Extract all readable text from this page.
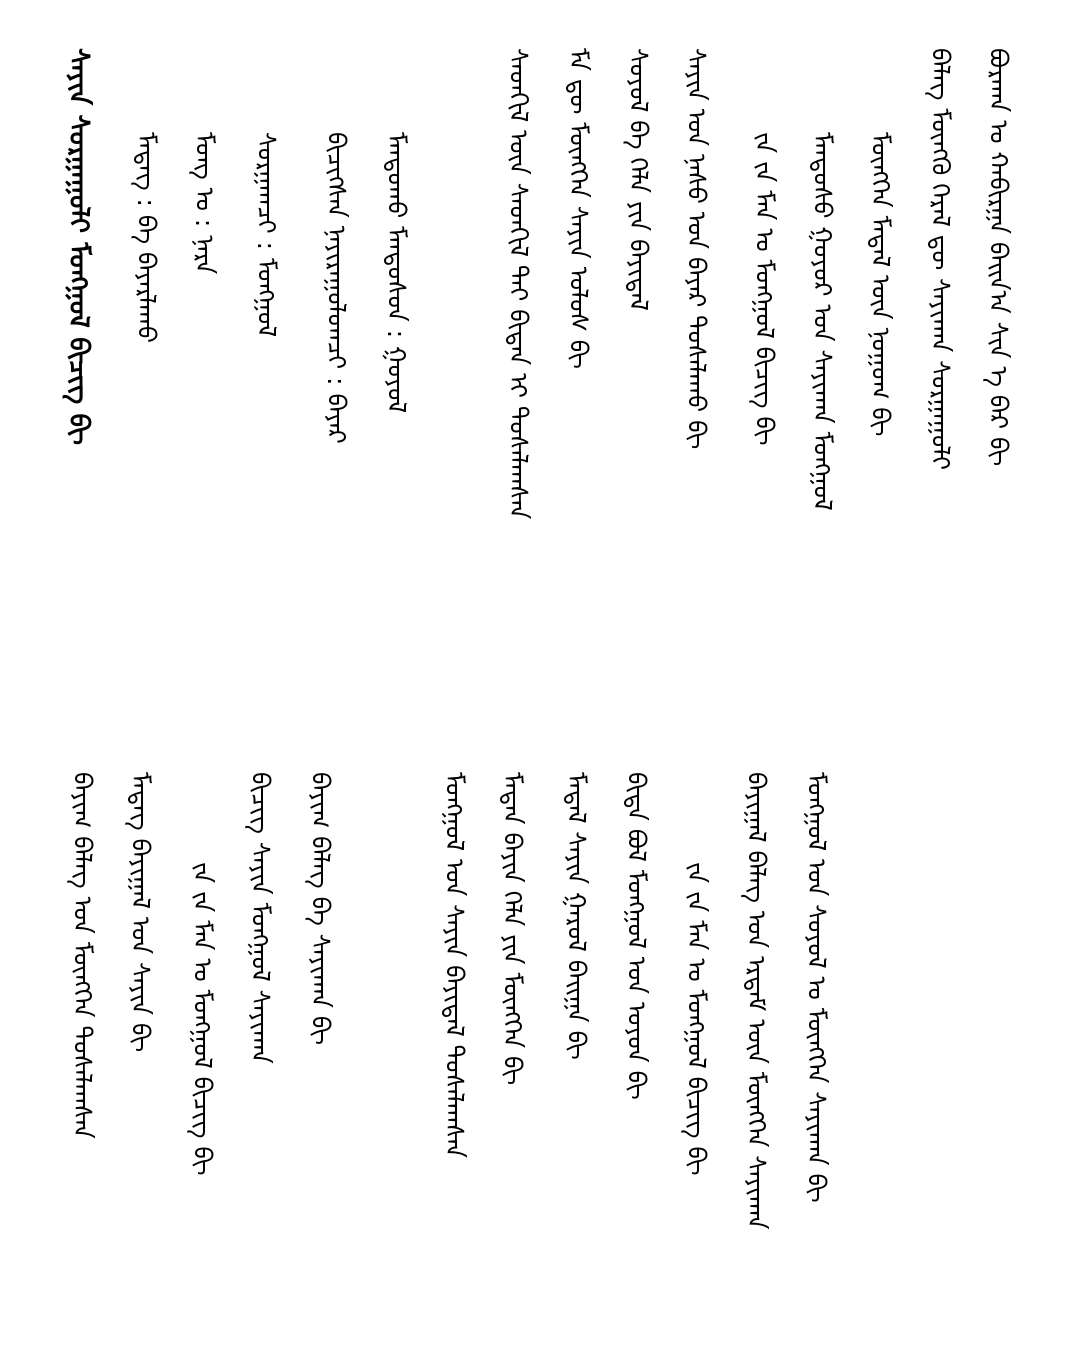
ᠪᠤᠷᠬᠠᠨ ᠤ ᠬᠠᠪᠢᠷᠭᠠ ᠪᠠᠢᠨ᠎ᠠ ᠰᠢᠨ ᠡ ᠪᠡᠷ ᠪᠢ
ᠪᠡᠯᠡᠭ ᠮᠥᠨᠭᠭᠥ ᠭᠡᠷᠡᠯ ᠳᠦ ᠰᠠᠶᠢᠬᠠᠨ ᠰᠤᠷᠭᠠᠭᠤᠯᠢ
ᠮᠥᠩᠭᠡᠨ ᠮᠡᠳᠡᠯ ᠦᠨ ᠨᠤᠭᠤᠭ ᠪᠢ
ᠮᠡᠨᠳᠦᠰᠦ ᠭᠤᠶᠤᠷ ᠤᠨ ᠰᠠᠶᠢᠬᠠᠨ ᠮᠣᠩᠭᠣᠯ
ᠵᠠ ᠵᠠ ᠮᠠᠨ ᠤ ᠮᠣᠩᠭᠣᠯ ᠪᠢᠴᠢᠭ ᠪᠢ
ᠰᠠᠶᠢᠨ ᠤᠨ ᠨᠠᠰᠤ ᠤᠨ ᠪᠠᠶᠠᠷ ᠲᠤᠰᠠᠯᠠᠬᠤ ᠪᠢ
ᠰᠣᠶᠣᠯ ᠪᠠ ᠬᠡᠯᠡ ᠶᠢᠨ ᠪᠠᠶᠢᠳᠠᠯ
ᠮᠡ ᠳᠦ ᠮᠥᠩᠭᠡᠨ ᠰᠠᠶᠢᠨ ᠤᠯᠤᠰ ᠪᠢ
ᠰᠡᠳᠬᠢᠯ ᠦᠨ ᠰᠡᠳᠬᠢᠯ ᠲᠠᠢ ᠪᠢᠳᠡᠨ ᠢ ᠲᠤᠰᠠᠯᠠᠭᠰᠠᠨ
ᠮᠠᠨᠳᠤᠬᠤ ᠮᠡᠨᠳᠦᠰᠦᠨ : ᠭᠣᠶᠣᠯ
ᠪᠢᠴᠢᠭᠰᠡᠨ ᠨᠠᠶᠢᠷᠠᠭᠤᠯᠤᠭᠴᠢ : ᠪᠠᠶᠠᠷ
ᠰᠤᠷᠭᠠᠭᠴᠢ : ᠮᠣᠩᠭᠣᠯ
ᠮᠣᠩ ᠤ : ᠨᠠᠷᠠ
ᠮᠡᠳᠡᠭ : ᠪᠠ ᠪᠠᠶᠠᠷᠯᠠᠬᠤ
ᠰᠠᠶᠢᠨ ᠰᠤᠷᠭᠠᠭᠤᠯᠢ ᠮᠣᠩᠭᠣᠯ ᠪᠢᠴᠢᠭ ᠪᠢ
ᠮᠣᠩᠭᠣᠯ ᠤᠨ ᠰᠣᠶᠣᠯ ᠤ ᠮᠥᠩᠭᠡᠨ ᠰᠠᠶᠢᠬᠠᠨ ᠪᠢ
ᠪᠠᠶᠢᠭᠠᠯ ᠪᠡᠯᠡᠭ ᠤᠨ ᠡᠷᠳᠡᠮ ᠦᠨ ᠮᠥᠩᠭᠡᠨ ᠰᠠᠶᠢᠬᠠᠨ
ᠵᠠ ᠵᠠ ᠮᠠᠨ ᠤ ᠮᠣᠩᠭᠣᠯ ᠪᠢᠴᠢᠭ ᠪᠢ
ᠪᠢᠳᠡ ᠪᠣᠯ ᠮᠣᠩᠭᠣᠯ ᠤᠨ ᠤᠶᠤᠨ ᠪᠢ
ᠮᠡᠳᠡᠯ ᠰᠠᠶᠢᠨ ᠭᠠᠷᠤᠯ ᠪᠠᠢᠭᠠ ᠪᠢ
ᠮᠡᠳᠡᠨ ᠪᠠᠶᠢᠨ ᠬᠡᠯᠡ ᠶᠢᠨ ᠮᠥᠩᠭᠡᠨ ᠪᠢ
ᠮᠣᠩᠭᠣᠯ ᠤᠨ ᠰᠠᠶᠢᠨ ᠪᠠᠶᠢᠳᠠᠯ ᠲᠤᠰᠠᠯᠠᠭᠰᠠᠨ
ᠪᠠᠶᠢᠭ ᠪᠡᠯᠡᠭ ᠪᠠ ᠰᠠᠶᠢᠬᠠᠨ ᠪᠢ
ᠪᠢᠴᠢᠭ ᠰᠠᠶᠢᠨ ᠮᠣᠩᠭᠣᠯ ᠰᠠᠶᠢᠬᠠᠨ
ᠵᠠ ᠵᠠ ᠮᠠᠨ ᠤ ᠮᠣᠩᠭᠣᠯ ᠪᠢᠴᠢᠭ ᠪᠢ
ᠮᠡᠳᠡᠭ ᠪᠠᠶᠢᠭᠠᠯ ᠤᠨ ᠰᠠᠶᠢᠨ ᠪᠢ
ᠪᠠᠶᠢᠭ ᠪᠡᠯᠡᠭ ᠤᠨ ᠮᠥᠩᠭᠡᠨ ᠲᠤᠰᠠᠯᠠᠭᠰᠠᠨ
